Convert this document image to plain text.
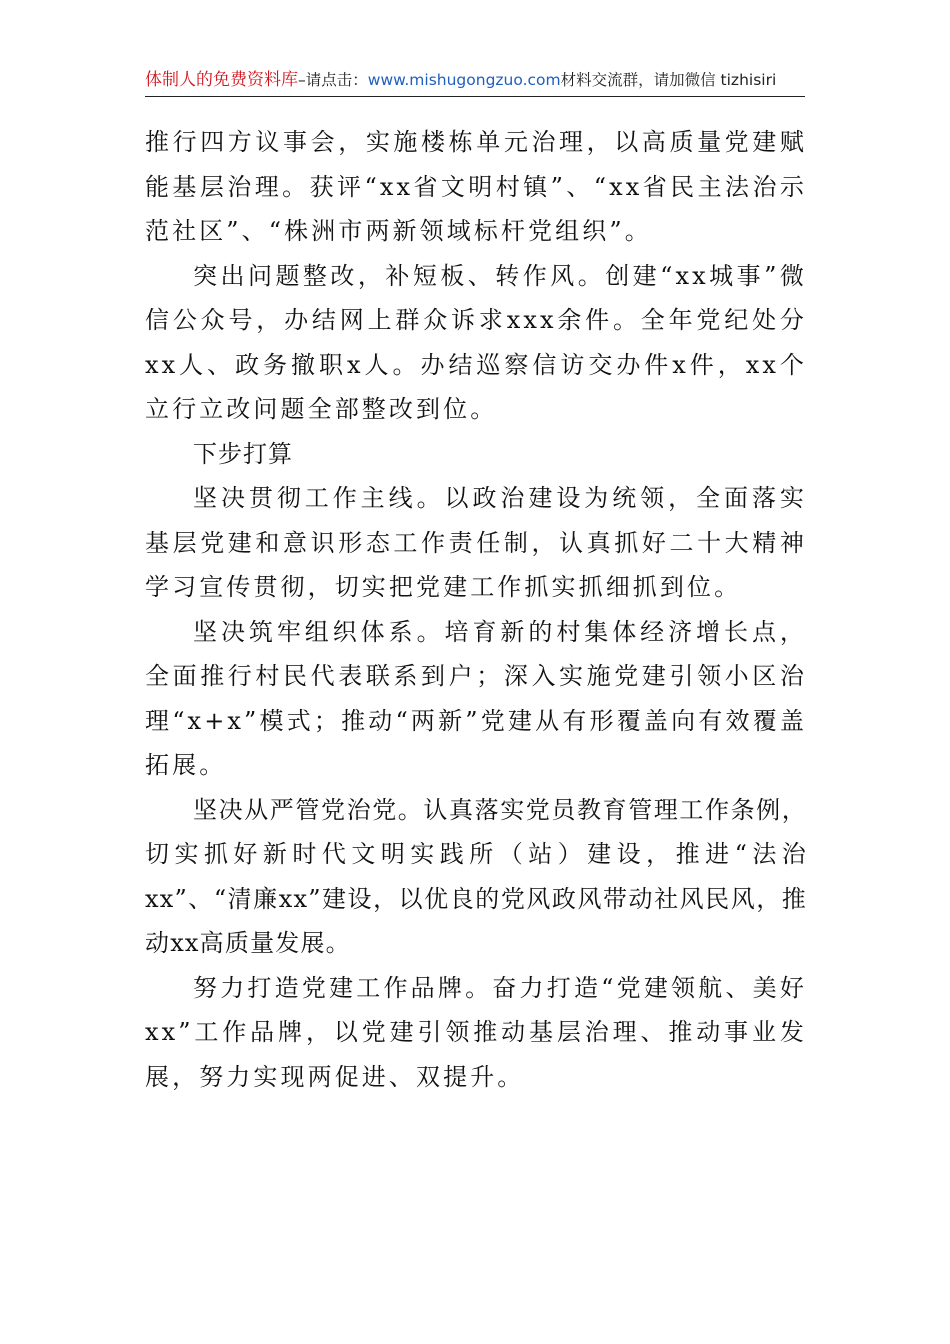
体制人的免费资料库 –请点击： www.mishugongzuo.com 材料交流群，请加微信 tizhisiri

推行四方议事会，实施楼栋单元治理，以高质量党建赋能基层治理。获评“xx省文明村镇”、“xx省民主法治示范社区”、“株洲市两新领域标杆党组织”。

突出问题整改，补短板、转作风。创建“xx城事”微信公众号，办结网上群众诉求xxx余件。全年党纪处分xx人、政务撤职x人。办结巡察信访交办件x件，xx个立行立改问题全部整改到位。

下步打算

坚决贯彻工作主线。以政治建设为统领，全面落实基层党建和意识形态工作责任制，认真抓好二十大精神学习宣传贯彻，切实把党建工作抓实抓细抓到位。

坚决筑牢组织体系。培育新的村集体经济增长点，全面推行村民代表联系到户；深入实施党建引领小区治理“x+x”模式；推动“两新”党建从有形覆盖向有效覆盖拓展。

坚决从严管党治党。认真落实党员教育管理工作条例，切实抓好新时代文明实践所（站）建设，推进“法治xx”、“清廉xx”建设，以优良的党风政风带动社风民风，推动xx高质量发展。

努力打造党建工作品牌。奋力打造“党建领航、美好xx”工作品牌，以党建引领推动基层治理、推动事业发展，努力实现两促进、双提升。
